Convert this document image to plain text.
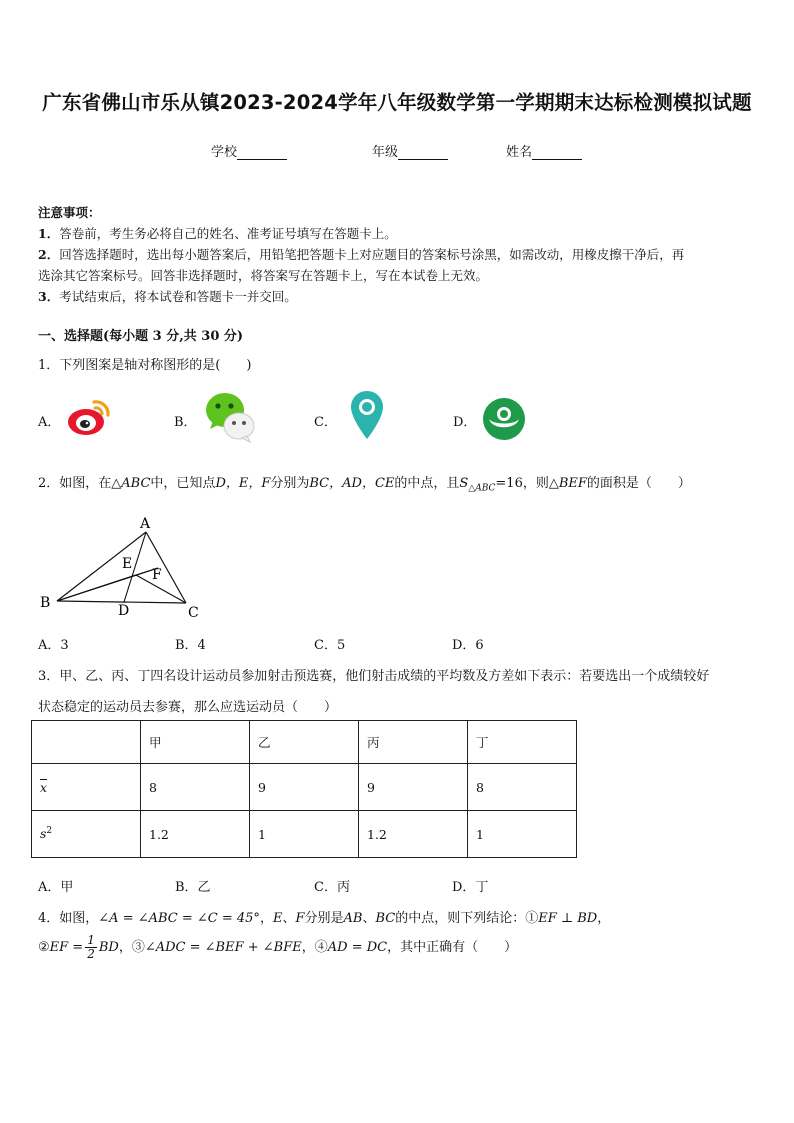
广东省佛山市乐从镇2023-2024学年八年级数学第一学期期末达标检测模拟试题
学校	年级	姓名
注意事项：
1．答卷前，考生务必将自己的姓名、准考证号填写在答题卡上。
2．回答选择题时，选出每小题答案后，用铅笔把答题卡上对应题目的答案标号涂黑，如需改动，用橡皮擦干净后，再
选涂其它答案标号。回答非选择题时，将答案写在答题卡上，写在本试卷上无效。
3．考试结束后，将本试卷和答题卡一并交回。
一、选择题(每小题 3 分,共 30 分)
1．下列图案是轴对称图形的是(　　)
A．	B．	C．	D．
2．如图，在△ABC中，已知点D，E，F分别为BC，AD，CE的中点，且$S_{\triangle ABC}=16$，则△BEF的面积是（　　）
A
B
C
D
E
F
A．3	B．4	C．5	D．6
3．甲、乙、丙、丁四名设计运动员参加射击预选赛，他们射击成绩的平均数及方差如下表示：若要选出一个成绩较好
状态稳定的运动员去参赛，那么应选运动员（　　）
	甲	乙	丙	丁
$\overline{x}$	8	9	9	8
$s^2$	1.2	1	1.2	1
A．甲	B．乙	C．丙	D．丁
4．如图，∠A = ∠ABC = ∠C = 45°，E、F分别是AB、BC的中点，则下列结论：①EF ⊥ BD，
②EF = $\frac{1}{2}$ BD，③∠ADC = ∠BEF + ∠BFE，④AD = DC，其中正确有（　　）
